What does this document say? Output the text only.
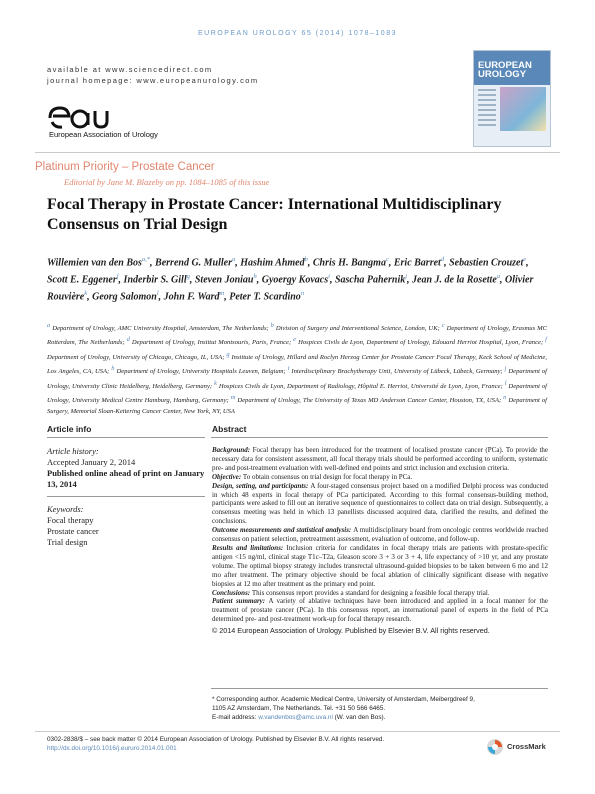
EUROPEAN UROLOGY 65 (2014) 1078–1083
available at www.sciencedirect.com
journal homepage: www.europeanurology.com
European Association of Urology
EUROPEAN
UROLOGY
Platinum Priority – Prostate Cancer
Editorial by Jane M. Blazeby on pp. 1084–1085 of this issue
Focal Therapy in Prostate Cancer: International Multidisciplinary Consensus on Trial Design
Willemien van den Bos$^{a,*}$, Berrend G. Muller$^a$, Hashim Ahmed$^b$, Chris H. Bangma$^c$, Eric Barret$^d$, Sebastien Crouzet$^e$, Scott E. Eggener$^f$, Inderbir S. Gill$^g$, Steven Joniau$^h$, Gyoergy Kovacs$^i$, Sascha Pahernik$^j$, Jean J. de la Rosette$^a$, Olivier Rouvière$^k$, Georg Salomon$^l$, John F. Ward$^m$, Peter T. Scardino$^n$
$^a$ Department of Urology, AMC University Hospital, Amsterdam, The Netherlands; $^b$ Division of Surgery and Interventional Science, London, UK; $^c$ Department of Urology, Erasmus MC Rotterdam, The Netherlands; $^d$ Department of Urology, Institut Montsouris, Paris, France; $^e$ Hospices Civils de Lyon, Department of Urology, Edouard Herriot Hospital, Lyon, France; $^f$ Department of Urology, University of Chicago, Chicago, IL, USA; $^g$ Institute of Urology, Hillard and Roclyn Herzog Center for Prostate Cancer Focal Therapy, Keck School of Medicine, Los Angeles, CA, USA; $^h$ Department of Urology, University Hospitals Leuven, Belgium; $^i$ Interdisciplinary Brachytherapy Unit, University of Lübeck, Lübeck, Germany; $^j$ Department of Urology, University Clinic Heidelberg, Heidelberg, Germany; $^k$ Hospices Civils de Lyon, Department of Radiology, Hôpital E. Herriot, Université de Lyon, Lyon, France; $^l$ Department of Urology, University Medical Centre Hamburg, Hamburg, Germany; $^m$ Department of Urology, The University of Texas MD Anderson Cancer Center, Houston, TX, USA; $^n$ Department of Surgery, Memorial Sloan-Kettering Cancer Center, New York, NY, USA
Article info	Abstract
Article history:
Accepted January 2, 2014
Published online ahead of print on January 13, 2014
Keywords:
Focal therapy
Prostate cancer
Trial design

Background: Focal therapy has been introduced for the treatment of localised prostate cancer (PCa). To provide the necessary data for consistent assessment, all focal therapy trials should be performed according to uniform, systematic pre- and post-treatment evaluation with well-defined end points and strict inclusion and exclusion criteria.

Objective: To obtain consensus on trial design for focal therapy in PCa.

Design, setting, and participants: A four-staged consensus project based on a modified Delphi process was conducted in which 48 experts in focal therapy of PCa participated. According to this formal consensus-building method, participants were asked to fill out an iterative sequence of questionnaires to collect data on trial design. Subsequently, a consensus meeting was held in which 13 panellists discussed acquired data, clarified the results, and defined the conclusions.

Outcome measurements and statistical analysis: A multidisciplinary board from oncologic centres worldwide reached consensus on patient selection, pretreatment assessment, evaluation of outcome, and follow-up.

Results and limitations: Inclusion criteria for candidates in focal therapy trials are patients with prostate-specific antigen <15 ng/ml, clinical stage T1c–T2a, Gleason score 3 + 3 or 3 + 4, life expectancy of >10 yr, and any prostate volume. The optimal biopsy strategy includes transrectal ultrasound-guided biopsies to be taken between 6 mo and 12 mo after treatment. The primary objective should be focal ablation of clinically significant disease with negative biopsies at 12 mo after treatment as the primary end point.

Conclusions: This consensus report provides a standard for designing a feasible focal therapy trial.

Patient summary: A variety of ablative techniques have been introduced and applied in a focal manner for the treatment of prostate cancer (PCa). In this consensus report, an international panel of experts in the field of PCa determined pre- and post-treatment work-up for focal therapy research.

© 2014 European Association of Urology. Published by Elsevier B.V. All rights reserved.

* Corresponding author. Academic Medical Centre, University of Amsterdam, Meibergdreef 9,
1105 AZ Amsterdam, The Netherlands. Tel. +31 50 566 6465.
E-mail address: w.vandenbos@amc.uva.nl (W. van den Bos).
0302-2838/$ – see back matter © 2014 European Association of Urology. Published by Elsevier B.V. All rights reserved.
http://dx.doi.org/10.1016/j.eururo.2014.01.001	CrossMark
